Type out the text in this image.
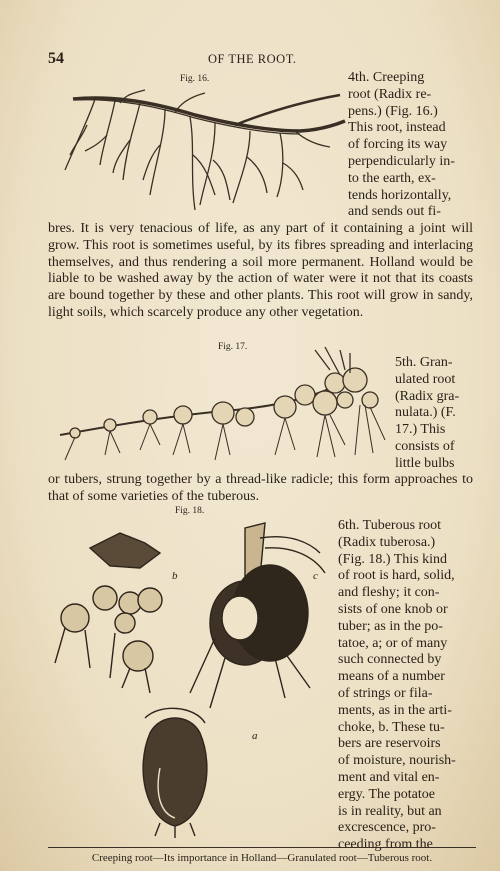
54	OF THE ROOT.
Fig. 16.	4th. Creeping

root (Radix re-

pens.) (Fig. 16.)

This root, instead

of forcing its way

perpendicularly in-

to the earth, ex-

tends horizontally,

and sends out fi-

bres. It is very tenacious of life, as any part of it containing a joint will grow. This root is sometimes useful, by its fibres spreading and interlacing themselves, and thus rendering a soil more permanent. Holland would be liable to be washed away by the action of water were it not that its coasts are bound together by these and other plants. This root will grow in sandy, light soils, which scarcely produce any other vegetation.

Fig. 17.

5th. Gran-

ulated root

(Radix gra-

nulata.) (F.

17.) This

consists of

little bulbs

or tubers, strung together by a thread-like radicle; this form approaches to that of some varieties of the tuberous.

Fig. 18.
a
b	c

6th. Tuberous root

(Radix tuberosa.)

(Fig. 18.) This kind

of root is hard, solid,

and fleshy; it con-

sists of one knob or

tuber; as in the po-

tatoe, a; or of many

such connected by

means of a number

of strings or fila-

ments, as in the arti-

choke, b. These tu-

bers are reservoirs

of moisture, nourish-

ment and vital en-

ergy. The potatoe

is in reality, but an

excrescence, pro-

ceeding from the

Creeping root—Its importance in Holland—Granulated root—Tuberous root.
